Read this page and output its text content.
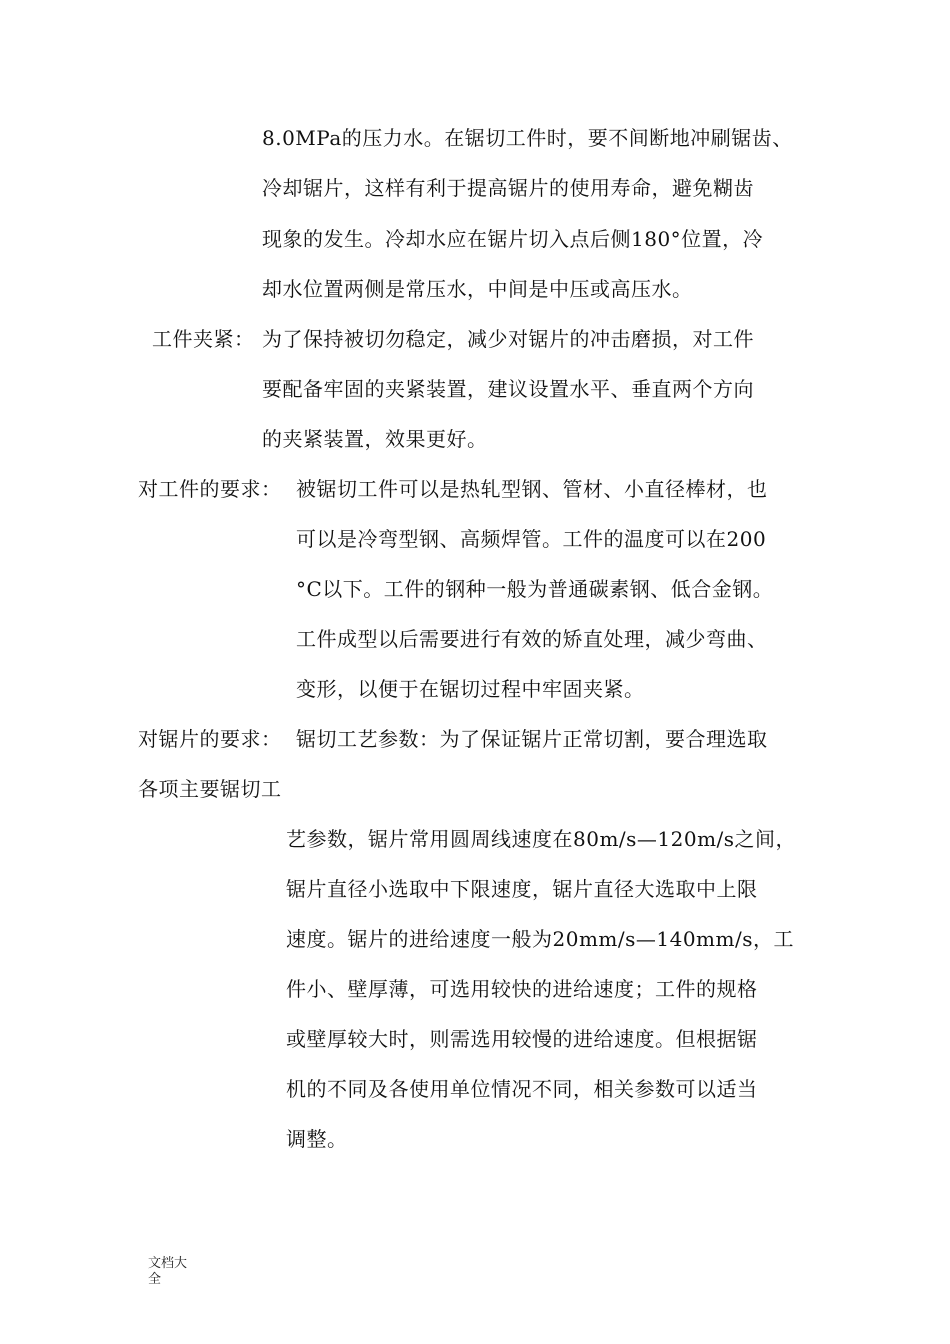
8.0MPa的压力水。在锯切工件时，要不间断地冲刷锯齿、
冷却锯片，这样有利于提高锯片的使用寿命，避免糊齿
现象的发生。冷却水应在锯片切入点后侧180°位置，冷
却水位置两侧是常压水，中间是中压或高压水。
工件夹紧： 为了保持被切勿稳定，减少对锯片的冲击磨损，对工件
要配备牢固的夹紧装置，建议设置水平、垂直两个方向
的夹紧装置，效果更好。
对工件的要求： 被锯切工件可以是热轧型钢、管材、小直径棒材，也
可以是冷弯型钢、高频焊管。工件的温度可以在200
°C以下。工件的钢种一般为普通碳素钢、低合金钢。
工件成型以后需要进行有效的矫直处理，减少弯曲、
变形，以便于在锯切过程中牢固夹紧。
对锯片的要求： 锯切工艺参数：为了保证锯片正常切割，要合理选取
各项主要锯切工
艺参数，锯片常用圆周线速度在80m/s—120m/s之间，
锯片直径小选取中下限速度，锯片直径大选取中上限
速度。锯片的进给速度一般为20mm/s—140mm/s，工
件小、壁厚薄，可选用较快的进给速度；工件的规格
或壁厚较大时，则需选用较慢的进给速度。但根据锯
机的不同及各使用单位情况不同，相关参数可以适当
调整。
文档大全
